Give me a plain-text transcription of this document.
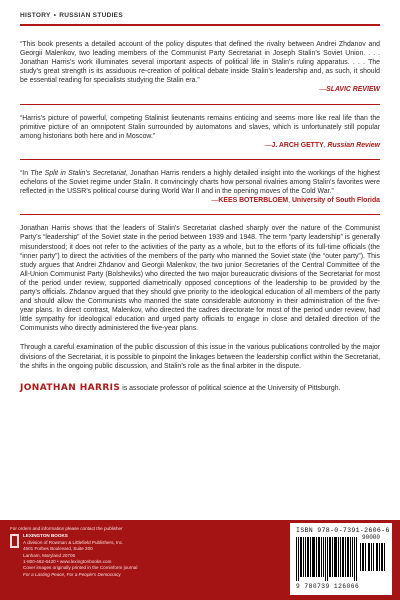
HISTORY • RUSSIAN STUDIES
“This book presents a detailed account of the policy disputes that defined the rivalry between Andrei Zhdanov and Georgii Malenkov, two leading members of the Communist Party Secretariat in Joseph Stalin’s Soviet Union. . . . Jonathan Harris’s work illuminates several important aspects of political life in Stalin’s ruling apparatus. . . . The study’s great strength is its assiduous re-creation of political debate inside Stalin’s leadership and, as such, it should be essential reading for specialists studying the Stalin era.”
—SLAVIC REVIEW
“Harris’s picture of powerful, competing Stalinist lieutenants remains enticing and seems more like real life than the primitive picture of an omnipotent Stalin surrounded by automatons and slaves, which is unfortunately still popular among historians both here and in Moscow.”
—J. ARCH GETTY, Russian Review
“In The Split in Stalin’s Secretariat, Jonathan Harris renders a highly detailed insight into the workings of the highest echelons of the Soviet regime under Stalin. It convincingly charts how personal rivalries among Stalin’s favorites were reflected in the USSR’s political course during World War II and in the opening moves of the Cold War.”
—KEES BOTERBLOEM, University of South Florida
Jonathan Harris shows that the leaders of Stalin’s Secretariat clashed sharply over the nature of the Communist Party’s “leadership” of the Soviet state in the period between 1939 and 1948. The term “party leadership” is generally misunderstood; it does not refer to the activities of the party as a whole, but to the efforts of its full-time officials (the “inner party”) to direct the activities of the members of the party who manned the Soviet state (the “outer party”). This study argues that Andrei Zhdanov and Georgii Malenkov, the two junior Secretaries of the Central Committee of the All-Union Communist Party (Bolsheviks) who directed the two major bureaucratic divisions of the Secretariat for most of the period under review, supported diametrically opposed conceptions of the leadership to be provided by the party’s officials. Zhdanov argued that they should give priority to the ideological education of all members of the party and should allow the Communists who manned the state considerable autonomy in their administration of the five-year plans. In direct contrast, Malenkov, who directed the cadres directorate for most of the period under review, had little sympathy for ideological education and urged party officials to engage in close and detailed direction of the Communists who directly administered the five-year plans.
Through a careful examination of the public discussion of this issue in the various publications controlled by the major divisions of the Secretariat, it is possible to pinpoint the linkages between the leadership conflict within the Secretariat, the shifts in the ongoing public discussion, and Stalin’s role as the final arbiter in the dispute.
JONATHAN HARRIS is associate professor of political science at the University of Pittsburgh.
For orders and information please contact the publisher
LEXINGTON BOOKS
A division of Rowman & Littlefield Publishers, Inc.
4501 Forbes Boulevard, Suite 200
Lanham, Maryland 20706
1-800-462-6420 • www.lexingtonbooks.com
Cover images originally printed in the Cominform journal
For a Lasting Peace, For a People’s Democracy
ISBN 978-0-7391-2606-6
90000
9 780739 126066
